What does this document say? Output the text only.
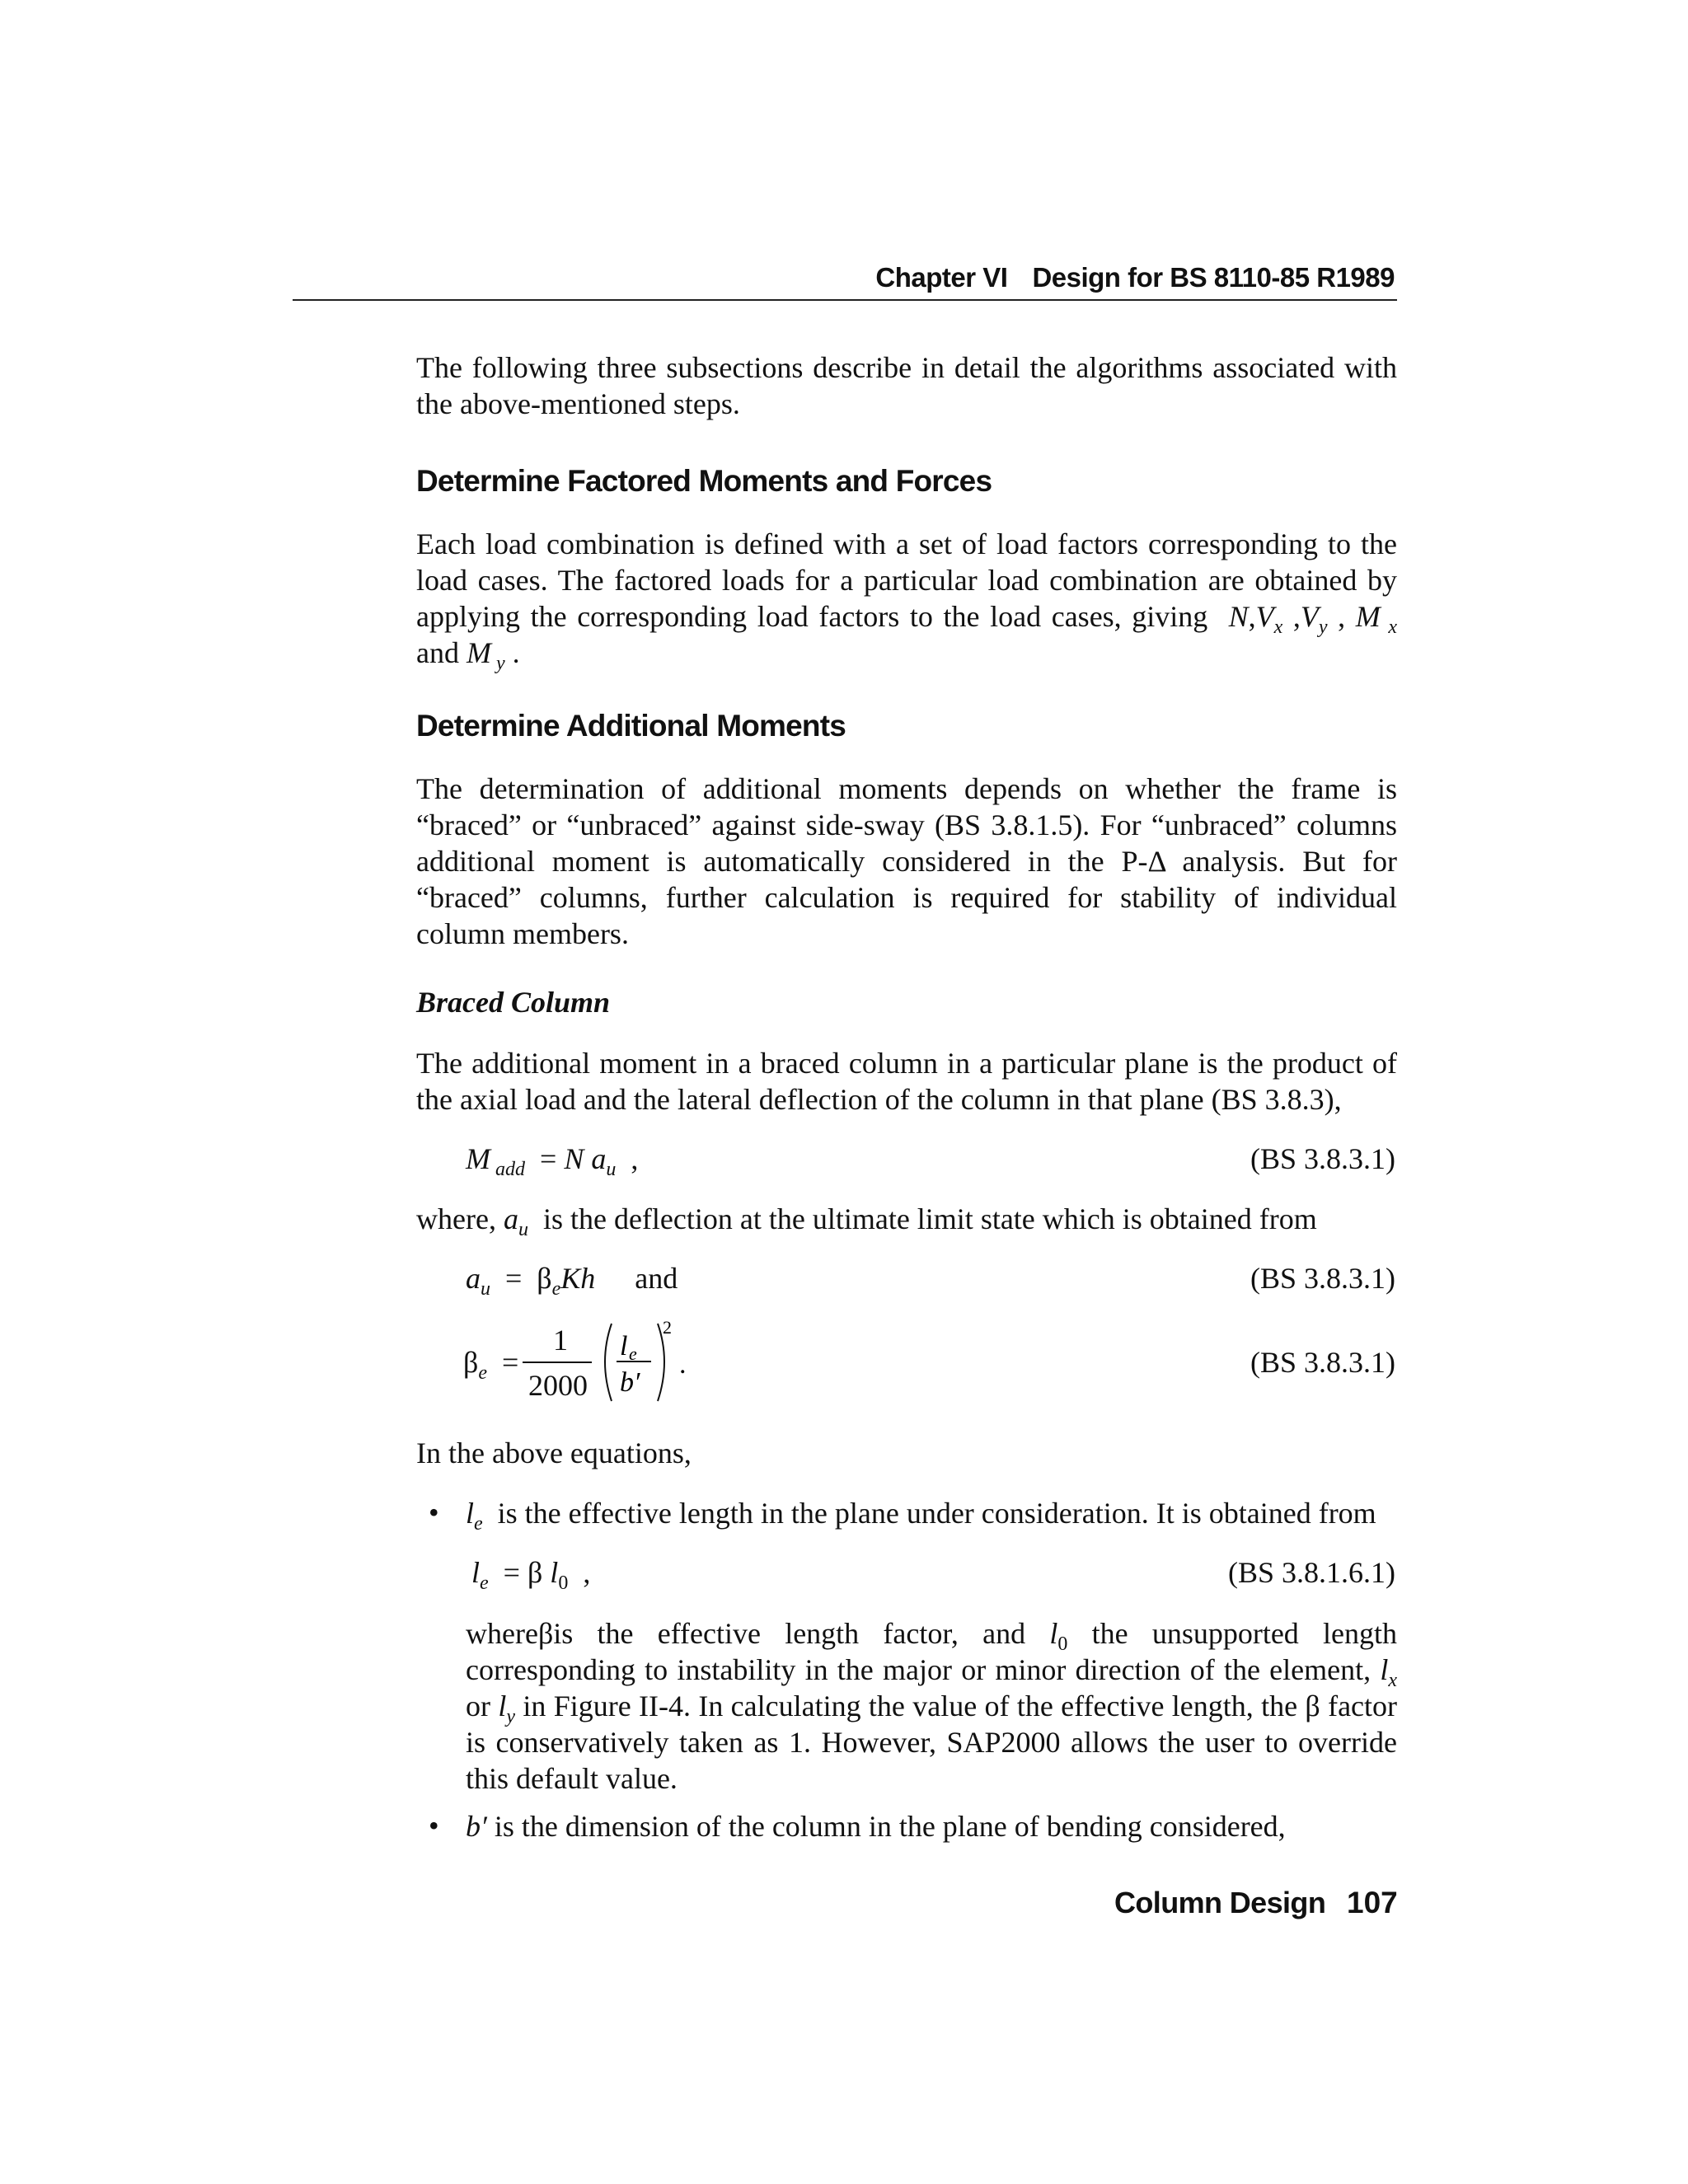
Chapter VI Design for BS 8110-85 R1989
The following three subsections describe in detail the algorithms associated with the above-mentioned steps.
Determine Factored Moments and Forces
Each load combination is defined with a set of load factors corresponding to the load cases. The factored loads for a particular load combination are obtained by applying the corresponding load factors to the load cases, giving $N,V_x$ $,V_y$ , M $_x$ and M $_y$ .
Determine Additional Moments
The determination of additional moments depends on whether the frame is “braced” or “unbraced” against side-sway (BS 3.8.1.5). For “unbraced” columns additional moment is automatically considered in the P-Δ analysis. But for “braced” columns, further calculation is required for stability of individual column members.
Braced Column
The additional moment in a braced column in a particular plane is the product of the axial load and the lateral deflection of the column in that plane (BS 3.8.3),
M $_{add}$  = N $a_u$  ,	(BS 3.8.3.1)
where, $a_u$ is the deflection at the ultimate limit state which is obtained from
$a_u = \beta_eKh$ and	(BS 3.8.3.1)
$\beta_e$  =
1
2000
l e
b′
2
.	(BS 3.8.3.1)
In the above equations,
• $l_e$ is the effective length in the plane under consideration. It is obtained from
$l_e = \beta$ $l_0$  ,	(BS 3.8.1.6.1)
whereβis the effective length factor, and $l_0$ the unsupported length corresponding to instability in the major or minor direction of the element, $l_x$ or $l_y$ in Figure II-4. In calculating the value of the effective length, the β factor is conservatively taken as 1. However, SAP2000 allows the user to override this default value.
• b′ is the dimension of the column in the plane of bending considered,
Column Design 107
